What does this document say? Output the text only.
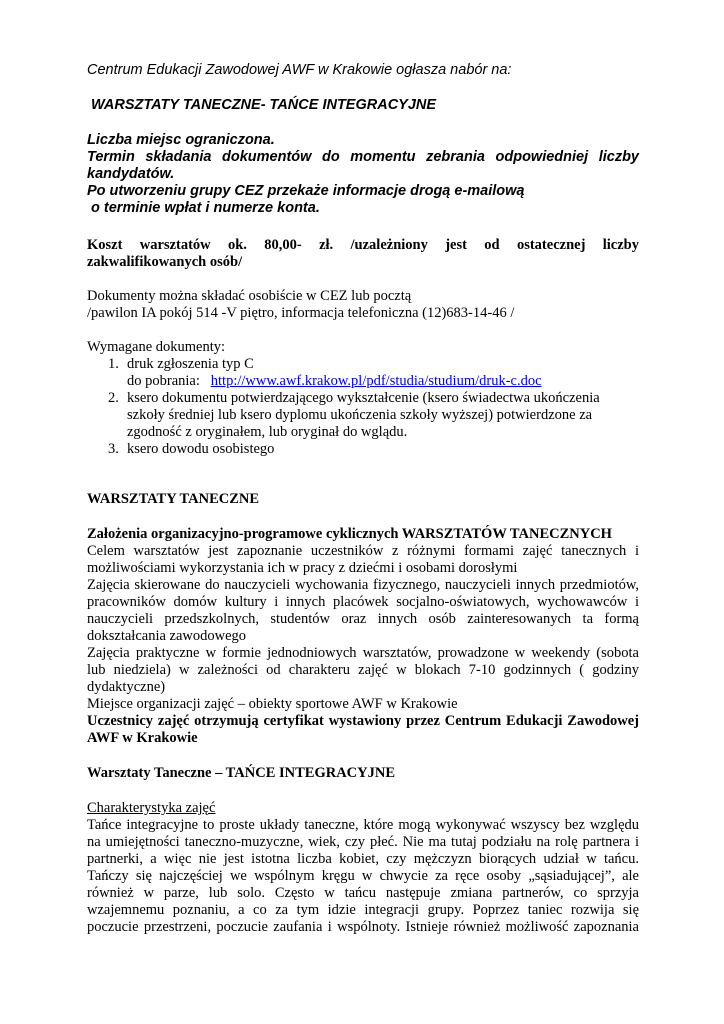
Centrum Edukacji Zawodowej AWF w Krakowie ogłasza nabór na:

WARSZTATY TANECZNE- TAŃCE INTEGRACYJNE

Liczba miejsc ograniczona.

Termin składania dokumentów do momentu zebrania odpowiedniej liczby

kandydatów.

Po utworzeniu grupy CEZ przekaże informacje drogą e-mailową

o terminie wpłat i numerze konta.

Koszt warsztatów ok. 80,00- zł. /uzależniony jest od ostatecznej liczby

zakwalifikowanych osób/

Dokumenty można składać osobiście w CEZ lub pocztą

/pawilon IA pokój 514 -V piętro, informacja telefoniczna (12)683-14-46 /

Wymagane dokumenty:

1. druk zgłoszenia typ C

do pobrania: http://www.awf.krakow.pl/pdf/studia/studium/druk-c.doc

2. ksero dokumentu potwierdzającego wykształcenie (ksero świadectwa ukończenia

szkoły średniej lub ksero dyplomu ukończenia szkoły wyższej) potwierdzone za

zgodność z oryginałem, lub oryginał do wglądu.

3. ksero dowodu osobistego

WARSZTATY TANECZNE

Założenia organizacyjno-programowe cyklicznych WARSZTATÓW TANECZNYCH

Celem warsztatów jest zapoznanie uczestników z różnymi formami zajęć tanecznych i

możliwościami wykorzystania ich w pracy z dziećmi i osobami dorosłymi

Zajęcia skierowane do nauczycieli wychowania fizycznego, nauczycieli innych przedmiotów,

pracowników domów kultury i innych placówek socjalno-oświatowych, wychowawców i

nauczycieli przedszkolnych, studentów oraz innych osób zainteresowanych ta formą

dokształcania zawodowego

Zajęcia praktyczne w formie jednodniowych warsztatów, prowadzone w weekendy (sobota

lub niedziela) w zależności od charakteru zajęć w blokach 7-10 godzinnych ( godziny

dydaktyczne)

Miejsce organizacji zajęć – obiekty sportowe AWF w Krakowie

Uczestnicy zajęć otrzymują certyfikat wystawiony przez Centrum Edukacji Zawodowej

AWF w Krakowie

Warsztaty Taneczne – TAŃCE INTEGRACYJNE

Charakterystyka zajęć

Tańce integracyjne to proste układy taneczne, które mogą wykonywać wszyscy bez względu

na umiejętności taneczno-muzyczne, wiek, czy płeć. Nie ma tutaj podziału na rolę partnera i

partnerki, a więc nie jest istotna liczba kobiet, czy mężczyzn biorących udział w tańcu.

Tańczy się najczęściej we wspólnym kręgu w chwycie za ręce osoby „sąsiadującej”, ale

również w parze, lub solo. Często w tańcu następuje zmiana partnerów, co sprzyja

wzajemnemu poznaniu, a co za tym idzie integracji grupy. Poprzez taniec rozwija się

poczucie przestrzeni, poczucie zaufania i wspólnoty. Istnieje również możliwość zapoznania
